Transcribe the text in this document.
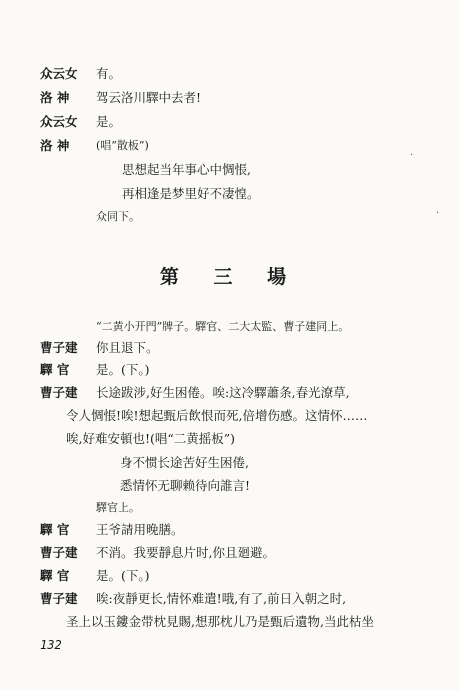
众云女 有。
洛 神 驾云洛川驛中去者!
众云女 是。
洛 神 (唱“散板”)
思想起当年事心中惆悵,
再相逢是梦里好不凄惶。
众同下。
第 三 場
“二黄小开門”牌子。驛官、二大太監、曹子建同上。
曹子建 你且退下。
驛 官 是。(下。)
曹子建 长途跋涉,好生困倦。唉:这冷驛蕭条,春光潦草,
令人惆悵!唉!想起甄后飲恨而死,倍增伤感。这情怀……
唉,好难安頓也!(唱“二黄摇板”)
身不惯长途苦好生困倦,
悉情怀无聊赖待向誰言!
驛官上。
驛 官 王爷請用晚膳。
曹子建 不消。我要靜息片时,你且廻避。
驛 官 是。(下。)
曹子建 唉:夜靜更长,情怀难遣!哦,有了,前日入朝之时,
圣上以玉鏤金带枕見賜,想那枕儿乃是甄后遺物,当此枯坐
132
·
·
